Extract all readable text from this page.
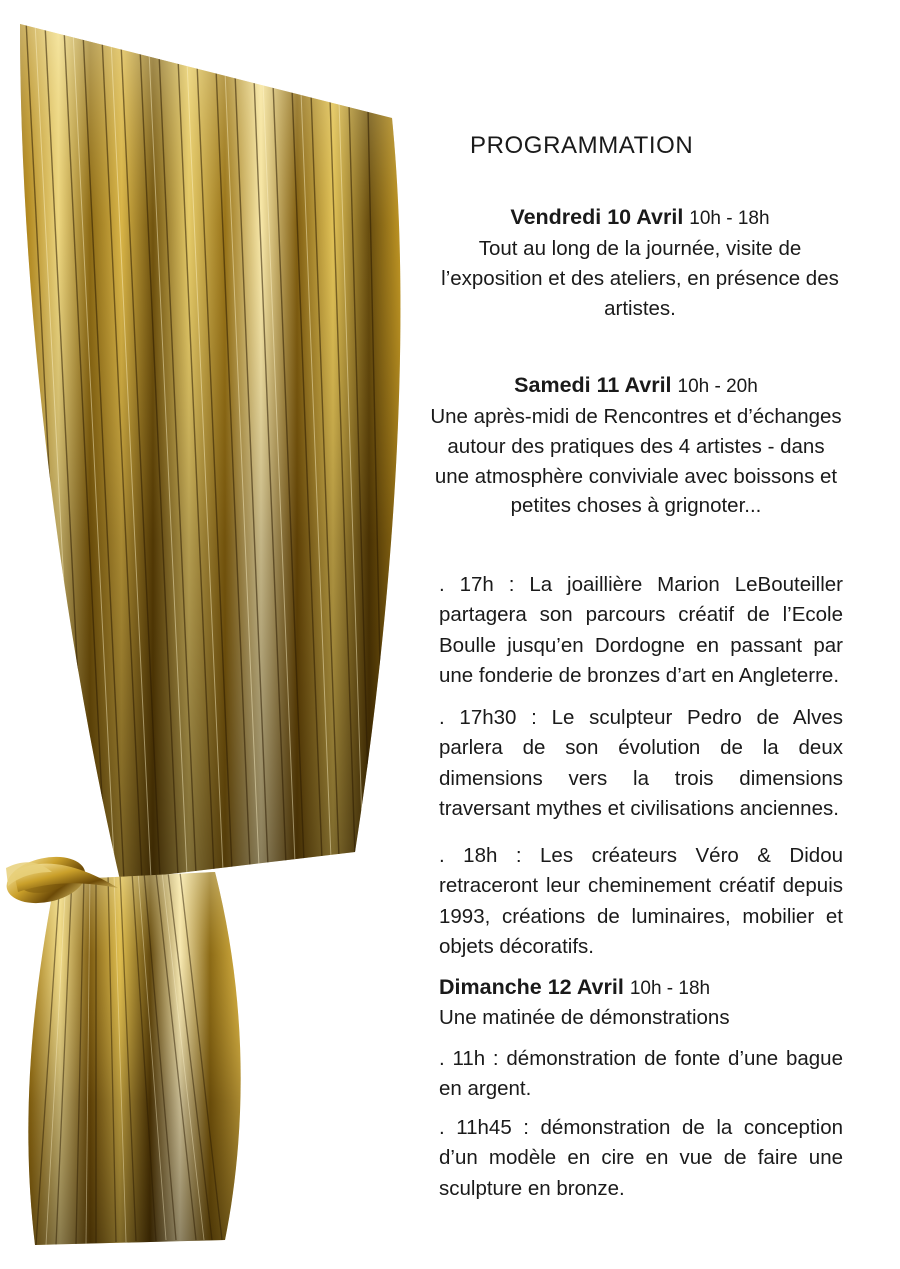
PROGRAMMATION
Vendredi 10 Avril 10h - 18h
Tout au long de la journée, visite de l’exposition et des ateliers, en présence des artistes.
Samedi 11 Avril 10h - 20h
Une après-midi de Rencontres et d’échanges autour des pratiques des 4 artistes - dans une atmosphère conviviale avec boissons et petites choses à grignoter...
. 17h : La joaillière Marion LeBouteiller partagera son parcours créatif de l’Ecole Boulle jusqu’en Dordogne en passant par une fonderie de bronzes d’art en Angleterre.
. 17h30 : Le sculpteur Pedro de Alves parlera de son évolution de la deux dimensions vers la trois dimensions traversant mythes et civilisations anciennes.
. 18h : Les créateurs Véro & Didou retraceront leur cheminement créatif depuis 1993, créations de luminaires, mobilier et objets décoratifs.
Dimanche 12 Avril 10h - 18h
Une matinée de démonstrations
. 11h : démonstration de fonte d’une bague en argent.
. 11h45 : démonstration de la conception d’un modèle en cire en vue de faire une sculpture en bronze.
